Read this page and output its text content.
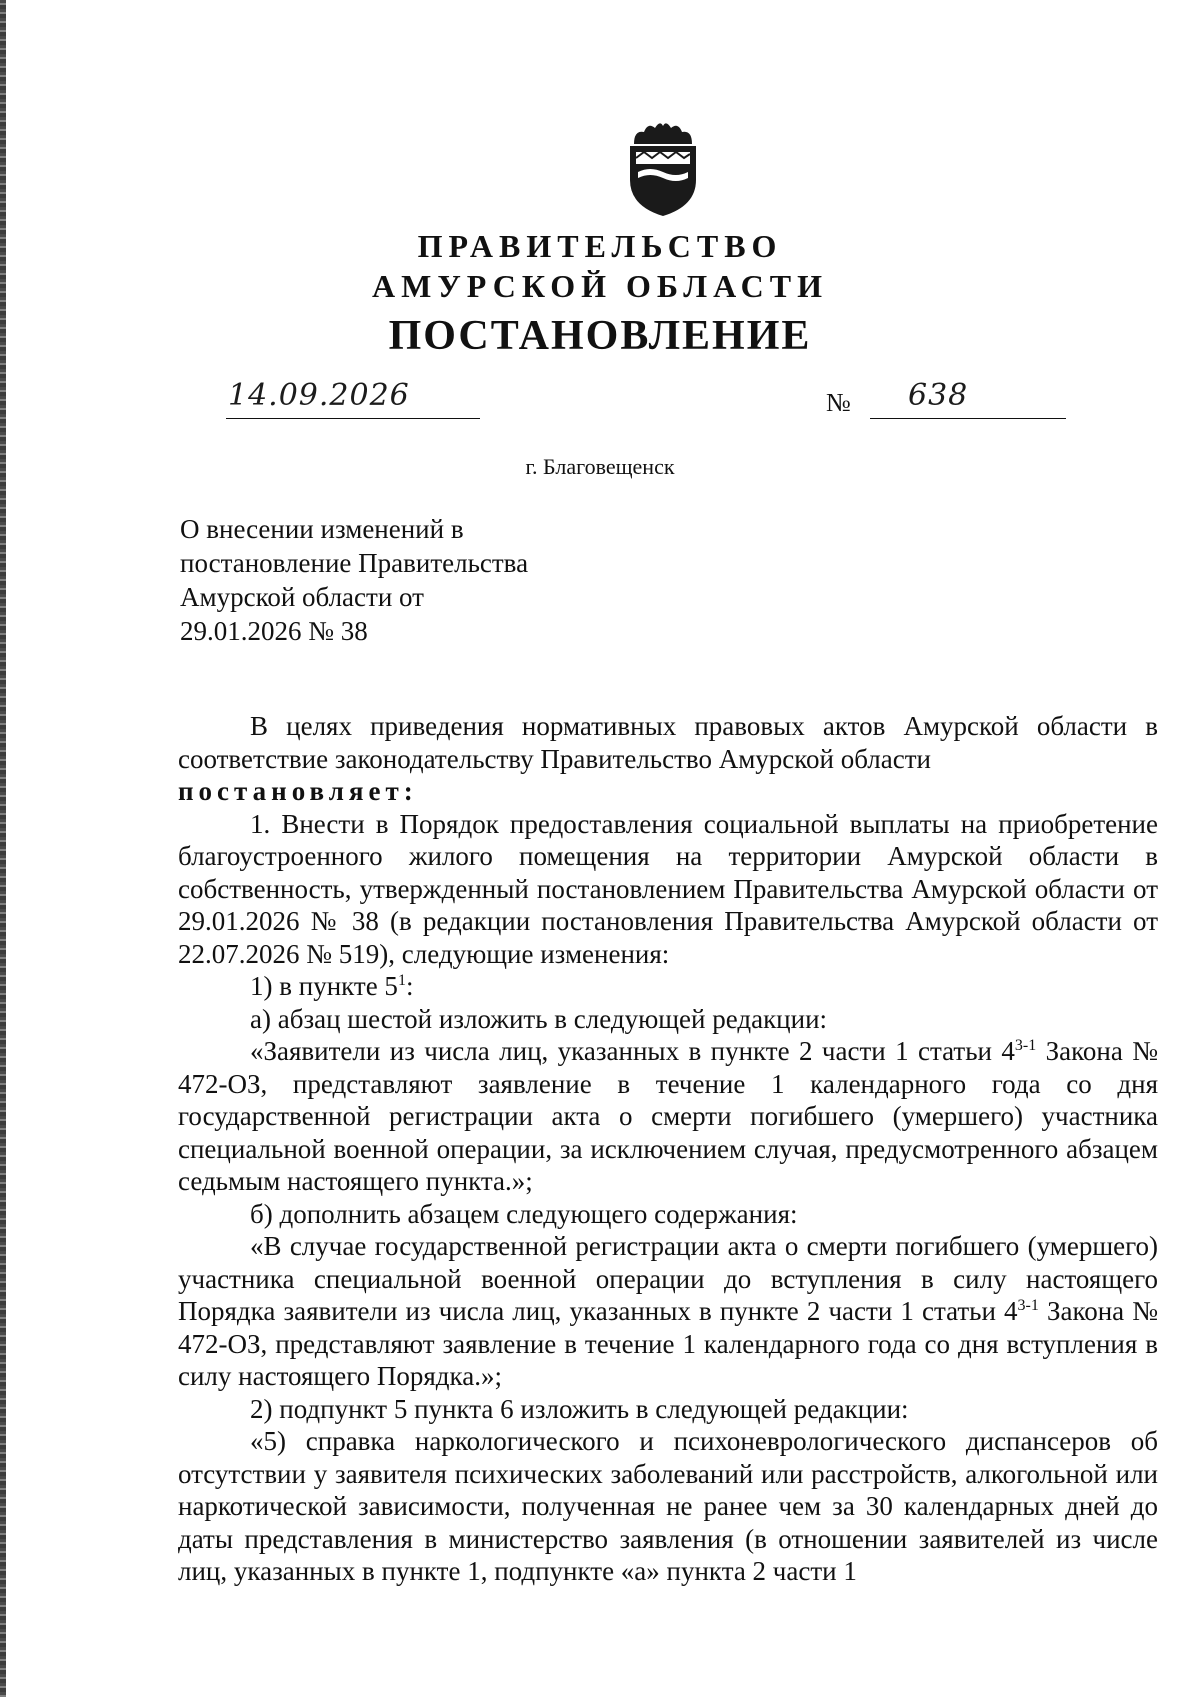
ПРАВИТЕЛЬСТВО
АМУРСКОЙ ОБЛАСТИ
ПОСТАНОВЛЕНИЕ
14.09.2026	№ 638
г. Благовещенск
О внесении изменений в
постановление Правительства
Амурской области от
29.01.2026 № 38

В целях приведения нормативных правовых актов Амурской области в соответствие законодательству Правительство Амурской области

постановляет:

1. Внести в Порядок предоставления социальной выплаты на приобретение благоустроенного жилого помещения на территории Амурской области в собственность, утвержденный постановлением Правительства Амурской области от 29.01.2026 № 38 (в редакции постановления Правительства Амурской области от 22.07.2026 № 519), следующие изменения:

1) в пункте $5^1$:

а) абзац шестой изложить в следующей редакции:

«Заявители из числа лиц, указанных в пункте 2 части 1 статьи 4$^{3-1}$ Закона № 472-ОЗ, представляют заявление в течение 1 календарного года со дня государственной регистрации акта о смерти погибшего (умершего) участника специальной военной операции, за исключением случая, предусмотренного абзацем седьмым настоящего пункта.»;

б) дополнить абзацем следующего содержания:

«В случае государственной регистрации акта о смерти погибшего (умершего) участника специальной военной операции до вступления в силу настоящего Порядка заявители из числа лиц, указанных в пункте 2 части 1 статьи 4$^{3-1}$ Закона № 472-ОЗ, представляют заявление в течение 1 календарного года со дня вступления в силу настоящего Порядка.»;

2) подпункт 5 пункта 6 изложить в следующей редакции:

«5) справка наркологического и психоневрологического диспансеров об отсутствии у заявителя психических заболеваний или расстройств, алкогольной или наркотической зависимости, полученная не ранее чем за 30 календарных дней до даты представления в министерство заявления (в отношении заявителей из числе лиц, указанных в пункте 1, подпункте «а» пункта 2 части 1
